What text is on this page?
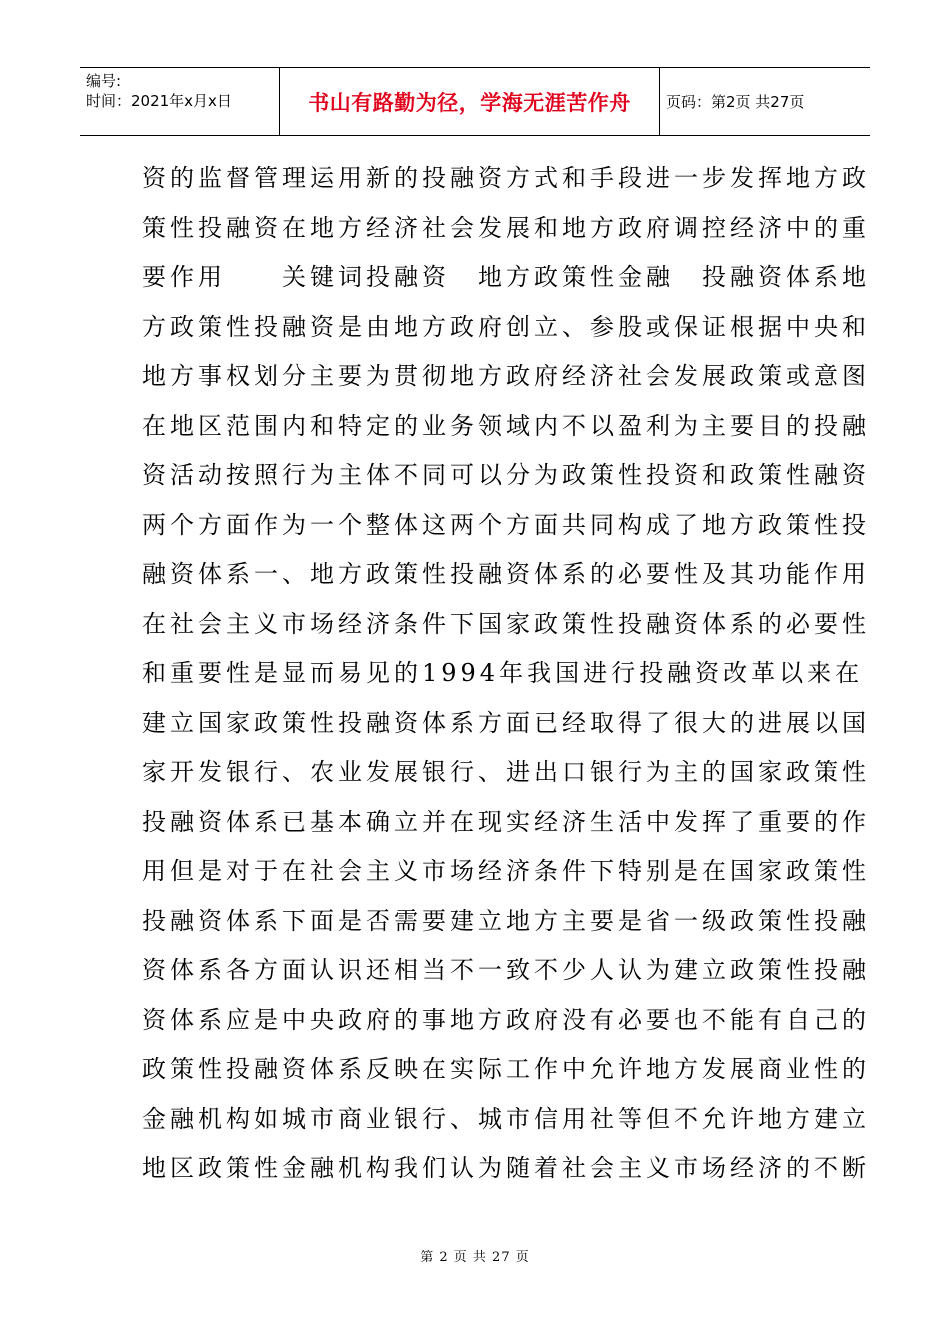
编号:
时间：2021年x月x日	书山有路勤为径，学海无涯苦作舟	页码：第2页 共27页
资的监督管理运用新的投融资方式和手段进一步发挥地方政
策性投融资在地方经济社会发展和地方政府调控经济中的重
要作用　　关键词投融资　地方政策性金融　投融资体系地
方政策性投融资是由地方政府创立、参股或保证根据中央和
地方事权划分主要为贯彻地方政府经济社会发展政策或意图
在地区范围内和特定的业务领域内不以盈利为主要目的投融
资活动按照行为主体不同可以分为政策性投资和政策性融资
两个方面作为一个整体这两个方面共同构成了地方政策性投
融资体系一、地方政策性投融资体系的必要性及其功能作用
在社会主义市场经济条件下国家政策性投融资体系的必要性
和重要性是显而易见的1994年我国进行投融资改革以来在
建立国家政策性投融资体系方面已经取得了很大的进展以国
家开发银行、农业发展银行、进出口银行为主的国家政策性
投融资体系已基本确立并在现实经济生活中发挥了重要的作
用但是对于在社会主义市场经济条件下特别是在国家政策性
投融资体系下面是否需要建立地方主要是省一级政策性投融
资体系各方面认识还相当不一致不少人认为建立政策性投融
资体系应是中央政府的事地方政府没有必要也不能有自己的
政策性投融资体系反映在实际工作中允许地方发展商业性的
金融机构如城市商业银行、城市信用社等但不允许地方建立
地区政策性金融机构我们认为随着社会主义市场经济的不断
第 2 页 共 27 页
